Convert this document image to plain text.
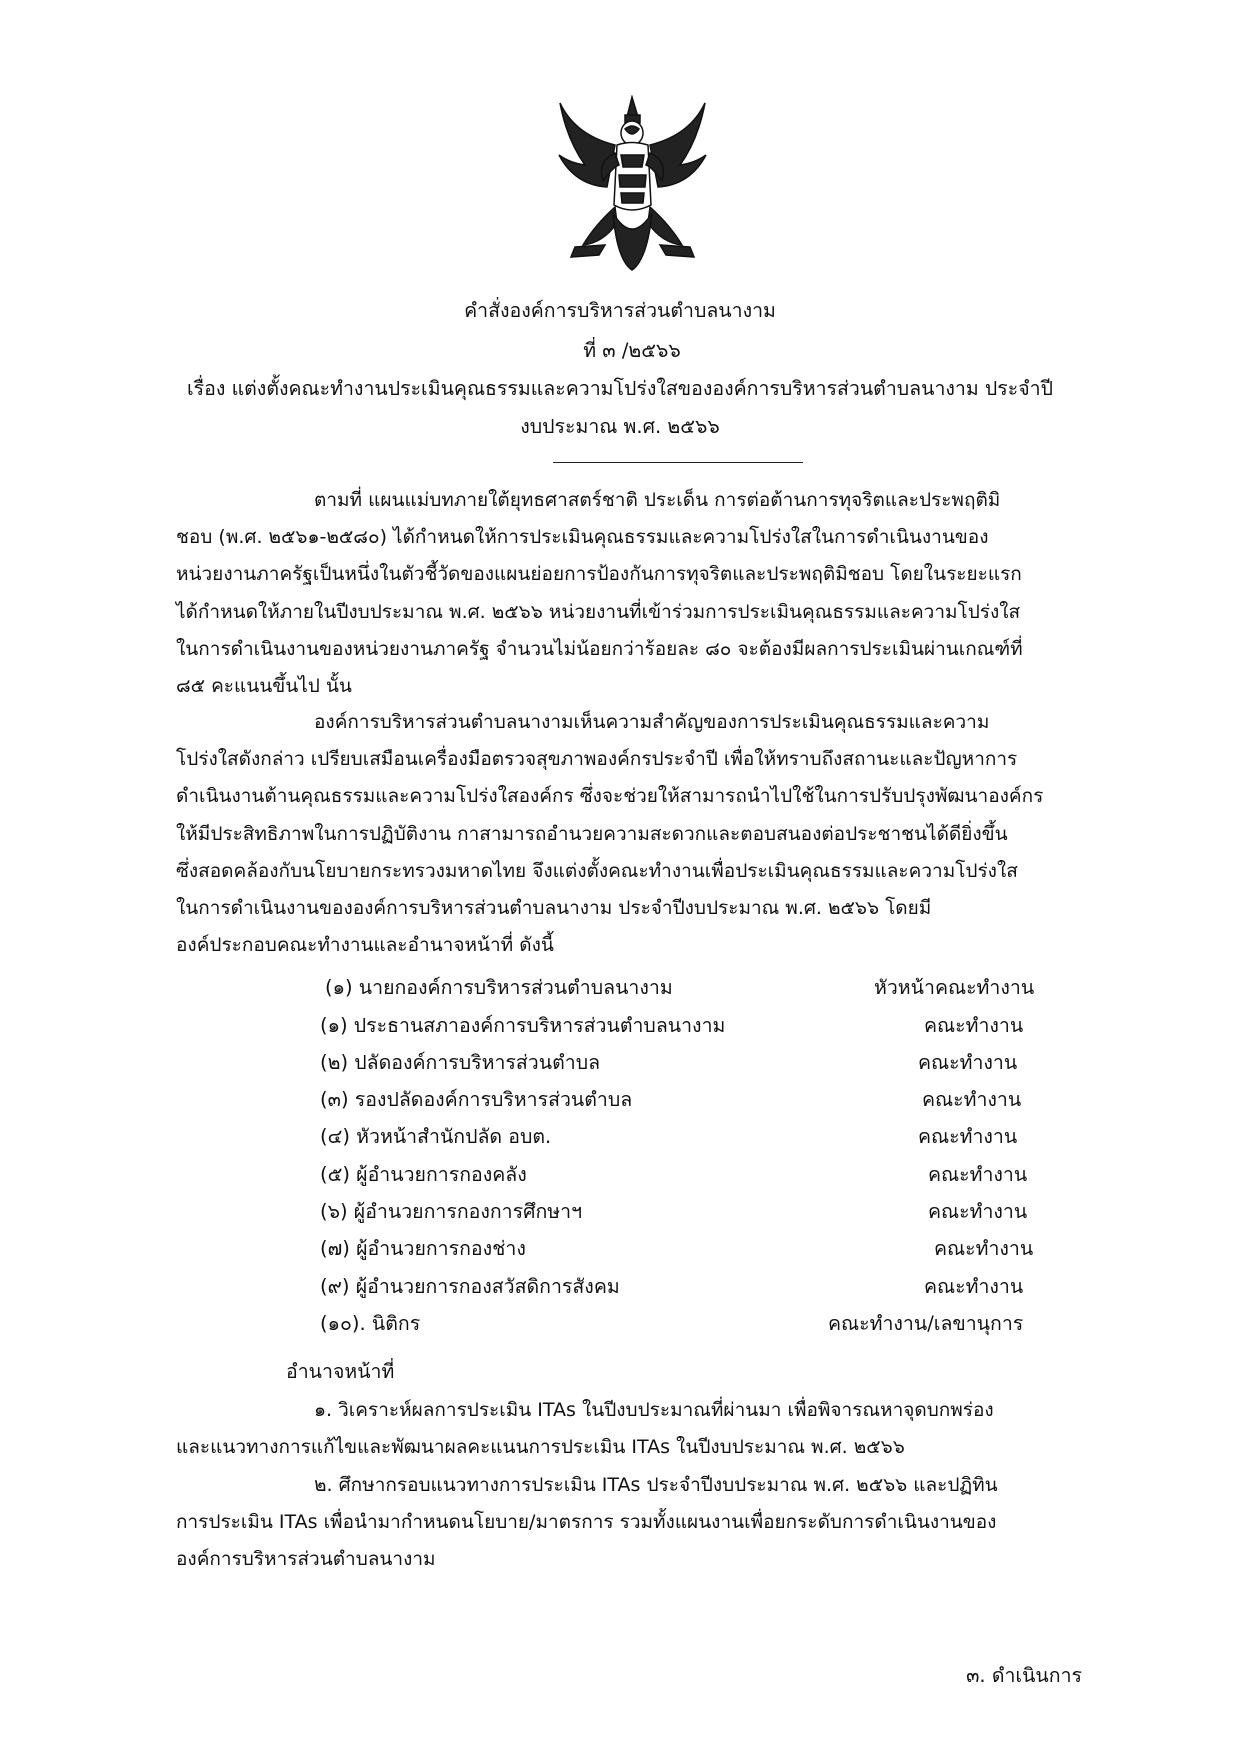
คำสั่งองค์การบริหารส่วนตำบลนางาม
ที่ ๓ /๒๕๖๖
เรื่อง แต่งตั้งคณะทำงานประเมินคุณธรรมและความโปร่งใสขององค์การบริหารส่วนตำบลนางาม ประจำปี
งบประมาณ พ.ศ. ๒๕๖๖
ตามที่ แผนแม่บทภายใต้ยุทธศาสตร์ชาติ ประเด็น การต่อต้านการทุจริตและประพฤติมิ
ชอบ (พ.ศ. ๒๕๖๑-๒๕๘๐) ได้กำหนดให้การประเมินคุณธรรมและความโปร่งใสในการดำเนินงานของ
หน่วยงานภาครัฐเป็นหนึ่งในตัวชี้วัดของแผนย่อยการป้องกันการทุจริตและประพฤติมิชอบ โดยในระยะแรก
ได้กำหนดให้ภายในปีงบประมาณ พ.ศ. ๒๕๖๖ หน่วยงานที่เข้าร่วมการประเมินคุณธรรมและความโปร่งใส
ในการดำเนินงานของหน่วยงานภาครัฐ จำนวนไม่น้อยกว่าร้อยละ ๘๐ จะต้องมีผลการประเมินผ่านเกณฑ์ที่
๘๕ คะแนนขึ้นไป นั้น
องค์การบริหารส่วนตำบลนางามเห็นความสำคัญของการประเมินคุณธรรมและความ
โปร่งใสดังกล่าว เปรียบเสมือนเครื่องมือตรวจสุขภาพองค์กรประจำปี เพื่อให้ทราบถึงสถานะและปัญหาการ
ดำเนินงานต้านคุณธรรมและความโปร่งใสองค์กร ซึ่งจะช่วยให้สามารถนำไปใช้ในการปรับปรุงพัฒนาองค์กร
ให้มีประสิทธิภาพในการปฏิบัติงาน กาสามารถอำนวยความสะดวกและตอบสนองต่อประชาชนได้ดียิ่งขึ้น
ซึ่งสอดคล้องกับนโยบายกระทรวงมหาดไทย จึงแต่งตั้งคณะทำงานเพื่อประเมินคุณธรรมและความโปร่งใส
ในการดำเนินงานขององค์การบริหารส่วนตำบลนางาม ประจำปีงบประมาณ พ.ศ. ๒๕๖๖ โดยมี
องค์ประกอบคณะทำงานและอำนาจหน้าที่ ดังนี้
(๑) นายกองค์การบริหารส่วนตำบลนางาม	หัวหน้าคณะทำงาน
(๑) ประธานสภาองค์การบริหารส่วนตำบลนางาม	คณะทำงาน
(๒) ปลัดองค์การบริหารส่วนตำบล	คณะทำงาน
(๓) รองปลัดองค์การบริหารส่วนตำบล	คณะทำงาน
(๔) หัวหน้าสำนักปลัด อบต.	คณะทำงาน
(๕) ผู้อำนวยการกองคลัง	คณะทำงาน
(๖) ผู้อำนวยการกองการศึกษาฯ	คณะทำงาน
(๗) ผู้อำนวยการกองช่าง	คณะทำงาน
(๙) ผู้อำนวยการกองสวัสดิการสังคม	คณะทำงาน
(๑๐). นิติกร	คณะทำงาน/เลขานุการ
อำนาจหน้าที่
๑. วิเคราะห์ผลการประเมิน ITAs ในปีงบประมาณที่ผ่านมา เพื่อพิจารณหาจุดบกพร่อง
และแนวทางการแก้ไขและพัฒนาผลคะแนนการประเมิน ITAs ในปีงบประมาณ พ.ศ. ๒๕๖๖
๒. ศึกษากรอบแนวทางการประเมิน ITAs ประจำปีงบประมาณ พ.ศ. ๒๕๖๖ และปฏิทิน
การประเมิน ITAs เพื่อนำมากำหนดนโยบาย/มาตรการ รวมทั้งแผนงานเพื่อยกระดับการดำเนินงานของ
องค์การบริหารส่วนตำบลนางาม
๓. ดำเนินการ
